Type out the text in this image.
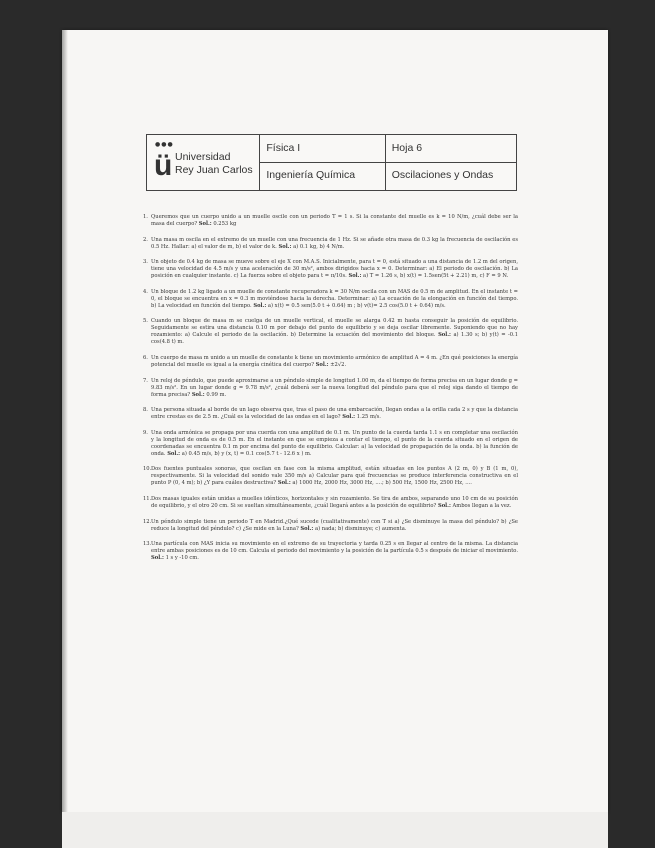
●●●
ü Universidad
Rey Juan Carlos
Física I
Ingeniería Química
Hoja 6
Oscilaciones y Ondas
1. Queremos que un cuerpo unido a un muelle oscile con un periodo T = 1 s. Si la constante del muelle es k = 10 N/m, ¿cuál debe ser la masa del cuerpo? Sol.: 0.253 kg
2. Una masa m oscila en el extremo de un muelle con una frecuencia de 1 Hz. Si se añade otra masa de 0.3 kg la frecuencia de oscilación es 0.5 Hz. Hallar: a) el valor de m, b) el valor de k. Sol.: a) 0.1 kg, b) 4 N/m.
3. Un objeto de 0.4 kg de masa se mueve sobre el eje X con M.A.S. Inicialmente, para t = 0, está situado a una distancia de 1.2 m del origen, tiene una velocidad de 4.5 m/s y una aceleración de 30 m/s², ambos dirigidos hacia x = 0. Determinar: a) El periodo de oscilación. b) La posición en cualquier instante. c) La fuerza sobre el objeto para t = π/10s. Sol.: a) T = 1.26 s, b) x(t) = 1.5sen(5t + 2.21) m, c) F = 9 N.
4. Un bloque de 1.2 kg ligado a un muelle de constante recuperadora k = 30 N/m oscila con un MAS de 0.5 m de amplitud. En el instante t = 0, el bloque se encuentra en x = 0.3 m moviéndose hacia la derecha. Determinar: a) La ecuación de la elongación en función del tiempo. b) La velocidad en función del tiempo. Sol.: a) x(t) = 0.5 sen(5.0 t + 0.64) m ; b) v(t)= 2.5 cos(5.0 t + 0.64) m/s.
5. Cuando un bloque de masa m se cuelga de un muelle vertical, el muelle se alarga 0.42 m hasta conseguir la posición de equilibrio. Seguidamente se estira una distancia 0.10 m por debajo del punto de equilibrio y se deja oscilar libremente. Suponiendo que no hay rozamiento: a) Calcule el periodo de la oscilación. b) Determine la ecuación del movimiento del bloque. Sol.: a) 1.30 s; b) y(t) = -0.1 cos(4.8 t) m.
6. Un cuerpo de masa m unido a un muelle de constante k tiene un movimiento armónico de amplitud A = 4 m. ¿En qué posiciones la energía potencial del muelle es igual a la energía cinética del cuerpo? Sol.: ±2√2.
7. Un reloj de péndulo, que puede aproximarse a un péndulo simple de longitud 1.00 m, da el tiempo de forma precisa en un lugar donde g = 9.83 m/s². En un lugar donde g = 9.78 m/s², ¿cuál deberá ser la nueva longitud del péndulo para que el reloj siga dando el tiempo de forma precisa? Sol.: 0.99 m.
8. Una persona situada al borde de un lago observa que, tras el paso de una embarcación, llegan ondas a la orilla cada 2 s y que la distancia entre crestas es de 2.5 m. ¿Cuál es la velocidad de las ondas en el lago? Sol.: 1.25 m/s.
9. Una onda armónica se propaga por una cuerda con una amplitud de 0.1 m. Un punto de la cuerda tarda 1.1 s en completar una oscilación y la longitud de onda es de 0.5 m. En el instante en que se empieza a contar el tiempo, el punto de la cuerda situado en el origen de coordenadas se encuentra 0.1 m por encima del punto de equilibrio. Calcular: a) la velocidad de propagación de la onda. b) la función de onda. Sol.: a) 0.45 m/s, b) y (x, t) = 0.1 cos(5.7 t - 12.6 x ) m.
10. Dos fuentes puntuales sonoras, que oscilan en fase con la misma amplitud, están situadas en los puntos A (2 m, 0) y B (1 m, 0), respectivamente. Si la velocidad del sonido vale 350 m/s a) Calcular para qué frecuencias se produce interferencia constructiva en el punto P (0, 4 m); b) ¿Y para cuáles destructiva? Sol.: a) 1000 Hz, 2000 Hz, 3000 Hz, ....; b) 500 Hz, 1500 Hz, 2500 Hz, ....
11. Dos masas iguales están unidas a muelles idénticos, horizontales y sin rozamiento. Se tira de ambos, separando uno 10 cm de su posición de equilibrio, y el otro 20 cm. Si se sueltan simultáneamente, ¿cuál llegará antes a la posición de equilibrio? Sol.: Ambos llegan a la vez.
12. Un péndulo simple tiene un periodo T en Madrid.¿Qué sucede (cualitativamente) con T si a) ¿Se disminuye la masa del péndulo? b) ¿Se reduce la longitud del péndulo? c) ¿Se mide en la Luna? Sol.: a) nada; b) disminuye; c) aumenta.
13. Una partícula con MAS inicia su movimiento en el extremo de su trayectoria y tarda 0.25 s en llegar al centro de la misma. La distancia entre ambas posiciones es de 10 cm. Calcula el periodo del movimiento y la posición de la partícula 0.5 s después de iniciar el movimiento. Sol.: 1 s y -10 cm.
